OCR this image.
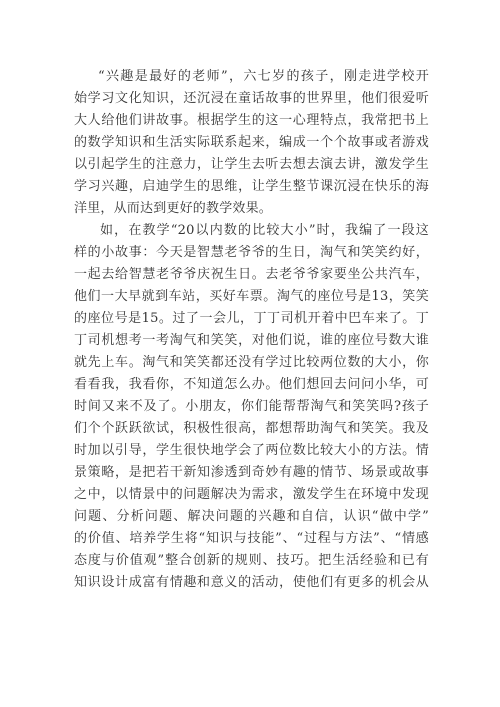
“兴趣是最好的老师”，六七岁的孩子，刚走进学校开
始学习文化知识，还沉浸在童话故事的世界里，他们很爱听
大人给他们讲故事。根据学生的这一心理特点，我常把书上
的数学知识和生活实际联系起来，编成一个个故事或者游戏
以引起学生的注意力，让学生去听去想去演去讲，激发学生
学习兴趣，启迪学生的思维，让学生整节课沉浸在快乐的海
洋里，从而达到更好的教学效果。
如，在教学“20以内数的比较大小”时，我编了一段这
样的小故事：今天是智慧老爷爷的生日，淘气和笑笑约好，
一起去给智慧老爷爷庆祝生日。去老爷爷家要坐公共汽车，
他们一大早就到车站，买好车票。淘气的座位号是13，笑笑
的座位号是15。过了一会儿，丁丁司机开着中巴车来了。丁
丁司机想考一考淘气和笑笑，对他们说，谁的座位号数大谁
就先上车。淘气和笑笑都还没有学过比较两位数的大小，你
看看我，我看你，不知道怎么办。他们想回去问问小华，可
时间又来不及了。小朋友，你们能帮帮淘气和笑笑吗?孩子
们个个跃跃欲试，积极性很高，都想帮助淘气和笑笑。我及
时加以引导，学生很快地学会了两位数比较大小的方法。情
景策略，是把若干新知渗透到奇妙有趣的情节、场景或故事
之中，以情景中的问题解决为需求，激发学生在环境中发现
问题、分析问题、解决问题的兴趣和自信，认识“做中学”
的价值、培养学生将“知识与技能”、“过程与方法”、“情感
态度与价值观”整合创新的规则、技巧。把生活经验和已有
知识设计成富有情趣和意义的活动，使他们有更多的机会从
